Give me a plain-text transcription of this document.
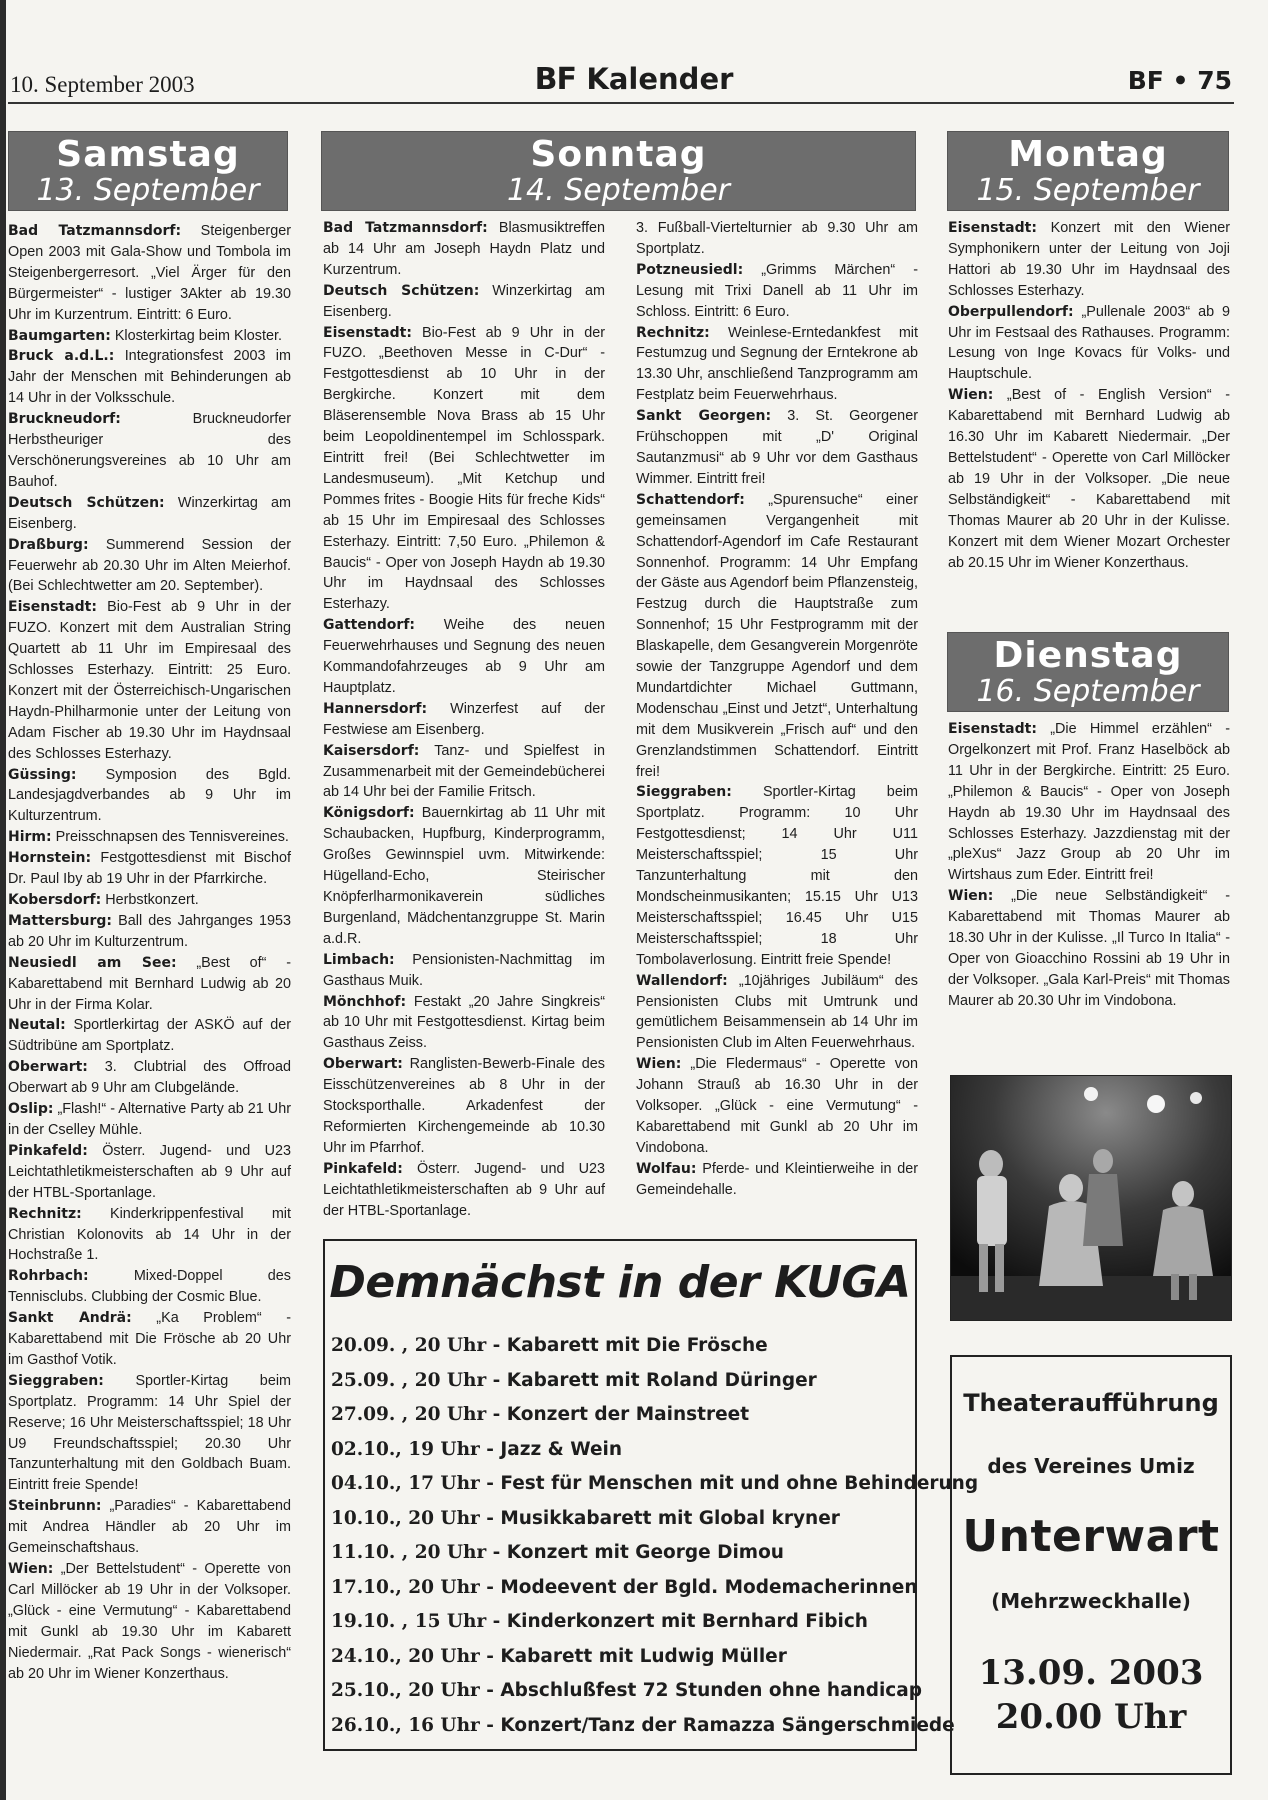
10. September 2003	BF Kalender	BF • 75
Samstag
13. September
Sonntag
14. September
Montag
15. September
Dienstag
16. September

Bad Tatzmannsdorf: Steigenberger Open 2003 mit Gala-Show und Tombola im Steigenbergerresort. „Viel Ärger für den Bürgermeister“ - lustiger 3Akter ab 19.30 Uhr im Kurzentrum. Eintritt: 6 Euro.

Baumgarten: Klosterkirtag beim Kloster.

Bruck a.d.L.: Integrationsfest 2003 im Jahr der Menschen mit Behinderungen ab 14 Uhr in der Volksschule.

Bruckneudorf:	Bruckneudorfer Herbstheuriger des Verschönerungsvereines ab 10 Uhr am Bauhof.

Deutsch Schützen: Winzerkirtag am Eisenberg.

Draßburg: Summerend Session der Feuerwehr ab 20.30 Uhr im Alten Meierhof. (Bei Schlechtwetter am 20. September).

Eisenstadt: Bio-Fest ab 9 Uhr in der FUZO. Konzert mit dem Australian String Quartett ab 11 Uhr im Empiresaal des Schlosses Esterhazy. Eintritt: 25 Euro. Konzert mit der Österreichisch-Ungarischen Haydn-Philharmonie unter der Leitung von Adam Fischer ab 19.30 Uhr im Haydnsaal des Schlosses Esterhazy.

Güssing: Symposion des Bgld. Landesjagdverbandes ab 9 Uhr im Kulturzentrum.

Hirm: Preisschnapsen des Tennisvereines.

Hornstein: Festgottesdienst mit Bischof Dr. Paul Iby ab 19 Uhr in der Pfarrkirche.

Kobersdorf: Herbstkonzert.

Mattersburg: Ball des Jahrganges 1953 ab 20 Uhr im Kulturzentrum.

Neusiedl am See: „Best of“ - Kabarettabend mit Bernhard Ludwig ab 20 Uhr in der Firma Kolar.

Neutal: Sportlerkirtag der ASKÖ auf der Südtribüne am Sportplatz.

Oberwart: 3. Clubtrial des Offroad Oberwart ab 9 Uhr am Clubgelände.

Oslip: „Flash!“ - Alternative Party ab 21 Uhr in der Cselley Mühle.

Pinkafeld: Österr. Jugend- und U23 Leichtathletikmeisterschaften ab 9 Uhr auf der HTBL-Sportanlage.

Rechnitz: Kinderkrippenfestival mit Christian Kolonovits ab 14 Uhr in der Hochstraße 1.

Rohrbach:	Mixed-Doppel des Tennisclubs. Clubbing der Cosmic Blue.

Sankt Andrä: „Ka Problem“ - Kabarettabend mit Die Frösche ab 20 Uhr im Gasthof Votik.

Sieggraben: Sportler-Kirtag beim Sportplatz. Programm: 14 Uhr Spiel der Reserve; 16 Uhr Meisterschaftsspiel; 18 Uhr U9 Freundschaftsspiel; 20.30 Uhr Tanzunterhaltung mit den Goldbach Buam. Eintritt freie Spende!

Steinbrunn: „Paradies“ - Kabarettabend mit Andrea Händler ab 20 Uhr im Gemeinschaftshaus.

Wien: „Der Bettelstudent“ - Operette von Carl Millöcker ab 19 Uhr in der Volksoper. „Glück - eine Vermutung“ - Kabarettabend mit Gunkl ab 19.30 Uhr im Kabarett Niedermair. „Rat Pack Songs - wienerisch“ ab 20 Uhr im Wiener Konzerthaus.

Bad Tatzmannsdorf: Blasmusiktreffen ab 14 Uhr am Joseph Haydn Platz und Kurzentrum.

Deutsch Schützen: Winzerkirtag am Eisenberg.

Eisenstadt: Bio-Fest ab 9 Uhr in der FUZO. „Beethoven Messe in C-Dur“ - Festgottesdienst ab 10 Uhr in der Bergkirche. Konzert mit dem Bläserensemble Nova Brass ab 15 Uhr beim Leopoldinentempel im Schlosspark. Eintritt frei! (Bei Schlechtwetter im Landesmuseum). „Mit Ketchup und Pommes frites - Boogie Hits für freche Kids“ ab 15 Uhr im Empiresaal des Schlosses Esterhazy. Eintritt: 7,50 Euro. „Philemon & Baucis“ - Oper von Joseph Haydn ab 19.30 Uhr im Haydnsaal des Schlosses Esterhazy.

Gattendorf: Weihe des neuen Feuerwehrhauses und Segnung des neuen Kommandofahrzeuges ab 9 Uhr am Hauptplatz.

Hannersdorf: Winzerfest auf der Festwiese am Eisenberg.

Kaisersdorf: Tanz- und Spielfest in Zusammenarbeit mit der Gemeindebücherei ab 14 Uhr bei der Familie Fritsch.

Königsdorf: Bauernkirtag ab 11 Uhr mit Schaubacken, Hupfburg, Kinderprogramm, Großes Gewinnspiel uvm. Mitwirkende: Hügelland-Echo, Steirischer Knöpferlharmonikaverein südliches Burgenland, Mädchentanzgruppe St. Marin a.d.R.

Limbach: Pensionisten-Nachmittag im Gasthaus Muik.

Mönchhof: Festakt „20 Jahre Singkreis“ ab 10 Uhr mit Festgottesdienst. Kirtag beim Gasthaus Zeiss.

Oberwart: Ranglisten-Bewerb-Finale des Eisschützenvereines ab 8 Uhr in der Stocksporthalle. Arkadenfest der Reformierten Kirchengemeinde ab 10.30 Uhr im Pfarrhof.

Pinkafeld: Österr. Jugend- und U23 Leichtathletikmeisterschaften ab 9 Uhr auf der HTBL-Sportanlage.

3. Fußball-Viertelturnier ab 9.30 Uhr am Sportplatz.

Potzneusiedl: „Grimms Märchen“ - Lesung mit Trixi Danell ab 11 Uhr im Schloss. Eintritt: 6 Euro.

Rechnitz: Weinlese-Erntedankfest mit Festumzug und Segnung der Erntekrone ab 13.30 Uhr, anschließend Tanzprogramm am Festplatz beim Feuerwehrhaus.

Sankt Georgen: 3. St. Georgener Frühschoppen mit „D' Original Sautanzmusi“ ab 9 Uhr vor dem Gasthaus Wimmer. Eintritt frei!

Schattendorf: „Spurensuche“ einer gemeinsamen Vergangenheit mit Schattendorf-Agendorf im Cafe Restaurant Sonnenhof. Programm: 14 Uhr Empfang der Gäste aus Agendorf beim Pflanzensteig, Festzug durch die Hauptstraße zum Sonnenhof; 15 Uhr Festprogramm mit der Blaskapelle, dem Gesangverein Morgenröte sowie der Tanzgruppe Agendorf und dem Mundartdichter Michael Guttmann, Modenschau „Einst und Jetzt“, Unterhaltung mit dem Musikverein „Frisch auf“ und den Grenzlandstimmen Schattendorf. Eintritt frei!

Sieggraben: Sportler-Kirtag beim Sportplatz. Programm: 10 Uhr Festgottesdienst; 14 Uhr U11 Meisterschaftsspiel; 15 Uhr Tanzunterhaltung mit den Mondscheinmusikanten; 15.15 Uhr U13 Meisterschaftsspiel; 16.45 Uhr U15 Meisterschaftsspiel; 18 Uhr Tombolaverlosung. Eintritt freie Spende!

Wallendorf: „10jähriges Jubiläum“ des Pensionisten Clubs mit Umtrunk und gemütlichem Beisammensein ab 14 Uhr im Pensionisten Club im Alten Feuerwehrhaus.

Wien: „Die Fledermaus“ - Operette von Johann Strauß ab 16.30 Uhr in der Volksoper. „Glück - eine Vermutung“ - Kabarettabend mit Gunkl ab 20 Uhr im Vindobona.

Wolfau: Pferde- und Kleintierweihe in der Gemeindehalle.

Eisenstadt: Konzert mit den Wiener Symphonikern unter der Leitung von Joji Hattori ab 19.30 Uhr im Haydnsaal des Schlosses Esterhazy.

Oberpullendorf: „Pullenale 2003“ ab 9 Uhr im Festsaal des Rathauses. Programm: Lesung von Inge Kovacs für Volks- und Hauptschule.

Wien: „Best of - English Version“ - Kabarettabend mit Bernhard Ludwig ab 16.30 Uhr im Kabarett Niedermair. „Der Bettelstudent“ - Operette von Carl Millöcker ab 19 Uhr in der Volksoper. „Die neue Selbständigkeit“ - Kabarettabend mit Thomas Maurer ab 20 Uhr in der Kulisse. Konzert mit dem Wiener Mozart Orchester ab 20.15 Uhr im Wiener Konzerthaus.

Eisenstadt: „Die Himmel erzählen“ - Orgelkonzert mit Prof. Franz Haselböck ab 11 Uhr in der Bergkirche. Eintritt: 25 Euro. „Philemon & Baucis“ - Oper von Joseph Haydn ab 19.30 Uhr im Haydnsaal des Schlosses Esterhazy. Jazzdienstag mit der „pleXus“ Jazz Group ab 20 Uhr im Wirtshaus zum Eder. Eintritt frei!

Wien: „Die neue Selbständigkeit“ - Kabarettabend mit Thomas Maurer ab 18.30 Uhr in der Kulisse. „Il Turco In Italia“ - Oper von Gioacchino Rossini ab 19 Uhr in der Volksoper. „Gala Karl-Preis“ mit Thomas Maurer ab 20.30 Uhr im Vindobona.

Demnächst in der KUGA
20.09. , 20 Uhr - Kabarett mit Die Frösche
25.09. , 20 Uhr - Kabarett mit Roland Düringer
27.09. , 20 Uhr - Konzert der Mainstreet
02.10., 19 Uhr - Jazz & Wein
04.10., 17 Uhr - Fest für Menschen mit und ohne Behinderung
10.10., 20 Uhr - Musikkabarett mit Global kryner
11.10. , 20 Uhr - Konzert mit George Dimou
17.10., 20 Uhr - Modeevent der Bgld. Modemacherinnen
19.10. , 15 Uhr - Kinderkonzert mit Bernhard Fibich
24.10., 20 Uhr - Kabarett mit Ludwig Müller
25.10., 20 Uhr - Abschlußfest 72 Stunden ohne handicap
26.10., 16 Uhr - Konzert/Tanz der Ramazza Sängerschmiede
Theateraufführung
des Vereines Umiz
Unterwart
(Mehrzweckhalle)
13.09. 2003
20.00 Uhr
